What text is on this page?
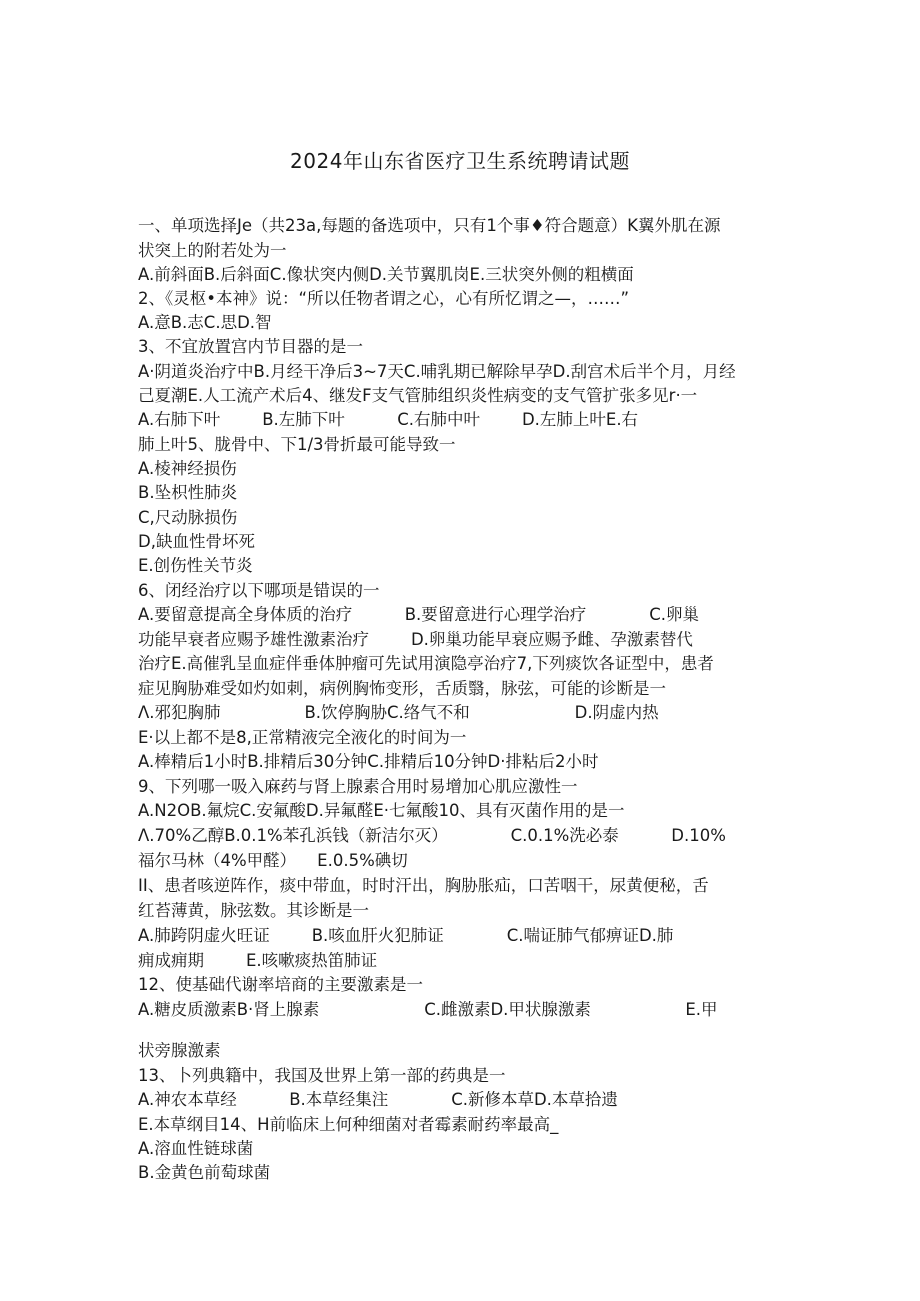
2024年山东省医疗卫生系统聘请试题

一、单项选择Je（共23a,每题的备选项中，只有1个事♦符合题意）K翼外肌在源

状突上的附若处为一

A.前斜面B.后斜面C.像状突内侧D.关节翼肌岗E.三状突外侧的粗横面

2、《灵枢•本神》说：“所以任物者谓之心，心有所忆谓之—，……”

A.意B.志C.思D.智

3、不宜放置宫内节目器的是一

A·阴道炎治疗中B.月经干净后3~7天C.哺乳期已解除早孕D.刮宫术后半个月，月经

己夏潮E.人工流产术后4、继发F支气管肺组织炎性病变的支气管扩张多见r·一

A.右肺下叶        B.左肺下叶          C.右肺中叶        D.左肺上叶E.右

肺上叶5、胧骨中、下1/3骨折最可能导致一

A.棱神经损伤

B.坠枳性肺炎

C,尺动脉损伤

D,缺血性骨坏死

E.创伤性关节炎

6、闭经治疗以下哪项是错误的一

A.要留意提高全身体质的治疗          B.要留意进行心理学治疗            C.卵巢

功能早衰者应赐予雄性激素治疗        D.卵巢功能早衰应赐予雌、孕激素替代

治疗E.高催乳呈血症伴垂体肿瘤可先试用演隐亭治疗7,下列痰饮各证型中，患者

症见胸胁难受如灼如刺，病例胸怖变形，舌质翳，脉弦，可能的诊断是一

Λ.邪犯胸肺                B.饮停胸胁C.络气不和                    D.阴虚内热

E·以上都不是8,正常精液完全液化的时间为一

A.棒精后1小时B.排精后30分钟C.排精后10分钟D·排粘后2小时

9、下列哪一吸入麻药与肾上腺素合用时易增加心肌应激性一

A.N2OB.氟烷C.安氟酸D.异氟醛E·七氟酸10、具有灭菌作用的是一

Λ.70%乙醇B.0.1%苯孔浜钱（新洁尔灭）            C.0.1%洗必泰          D.10%

福尔马林（4%甲醛）    E.0.5%碘切

II、患者咳逆阵作，痰中带血，时时汗出，胸胁胀疝，口苦咽干，尿黄便秘，舌

红苔薄黄，脉弦数。其诊断是一

A.肺跨阴虚火旺证        B.咳血肝火犯肺证            C.喘证肺气郁痹证D.肺

痈成痈期        E.咳嗽痰热笛肺证

12、使基础代谢率培商的主要激素是一

A.糖皮质激素B·肾上腺素                    C.雌激素D.甲状腺激素                  E.甲

状旁腺激素

13、卜列典籍中，我国及世界上第一部的药典是一

A.神农本草经          B.本草经集注            C.新修本草D.本草拾遗

E.本草纲目14、H前临床上何种细菌对者霉素耐药率最高_

A.溶血性链球菌

B.金黄色前萄球菌
